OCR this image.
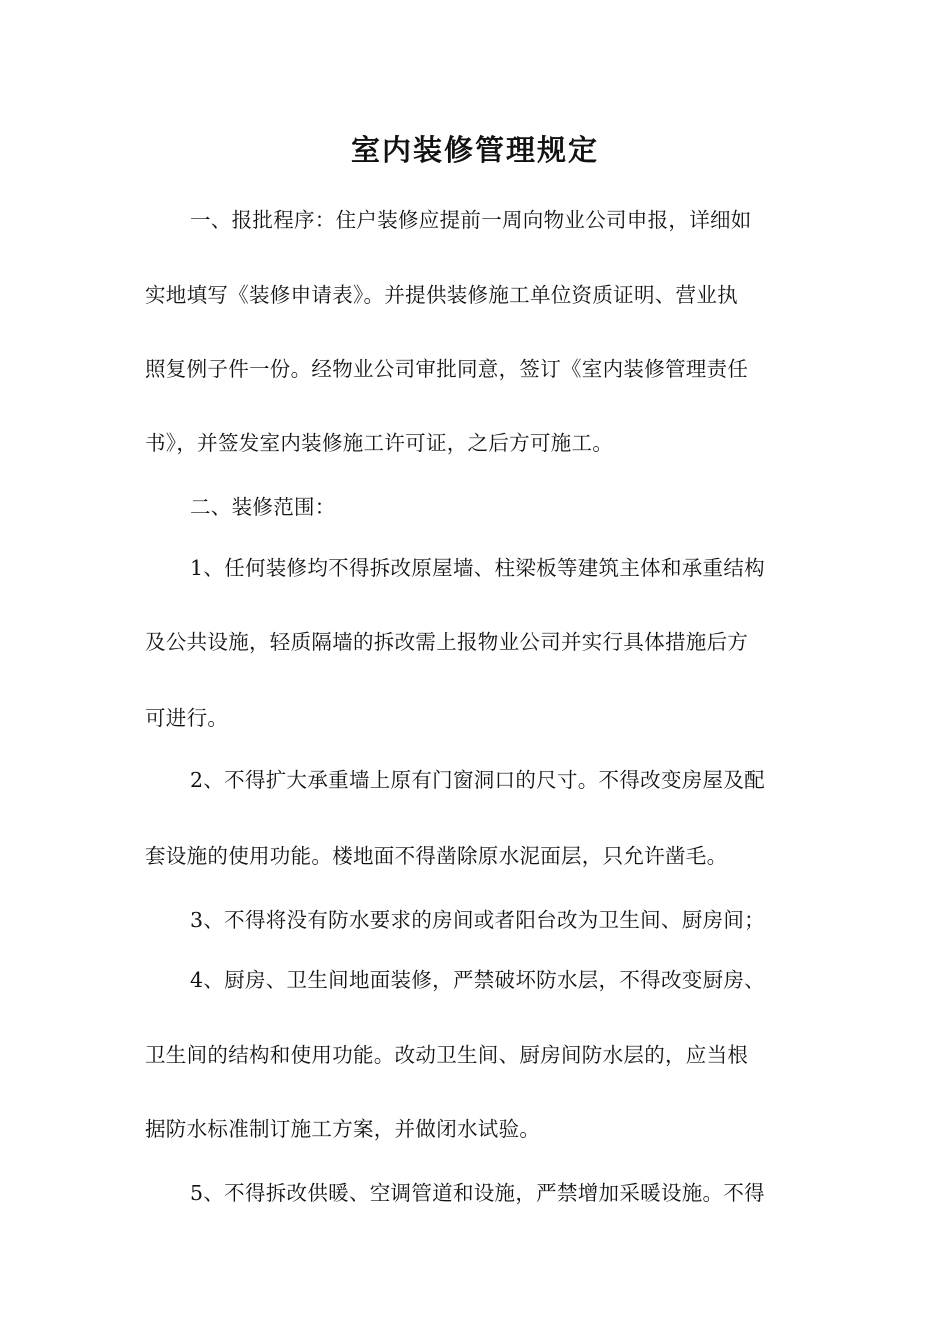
室内装修管理规定
一、报批程序：住户装修应提前一周向物业公司申报，详细如
实地填写《装修申请表》。并提供装修施工单位资质证明、营业执
照复例子件一份。经物业公司审批同意，签订《室内装修管理责任
书》，并签发室内装修施工许可证，之后方可施工。
二、装修范围：
1、任何装修均不得拆改原屋墙、柱梁板等建筑主体和承重结构
及公共设施，轻质隔墙的拆改需上报物业公司并实行具体措施后方
可进行。
2、不得扩大承重墙上原有门窗洞口的尺寸。不得改变房屋及配
套设施的使用功能。楼地面不得凿除原水泥面层，只允许凿毛。
3、不得将没有防水要求的房间或者阳台改为卫生间、厨房间；
4、厨房、卫生间地面装修，严禁破坏防水层，不得改变厨房、
卫生间的结构和使用功能。改动卫生间、厨房间防水层的，应当根
据防水标准制订施工方案，并做闭水试验。
5、不得拆改供暖、空调管道和设施，严禁增加采暖设施。不得
